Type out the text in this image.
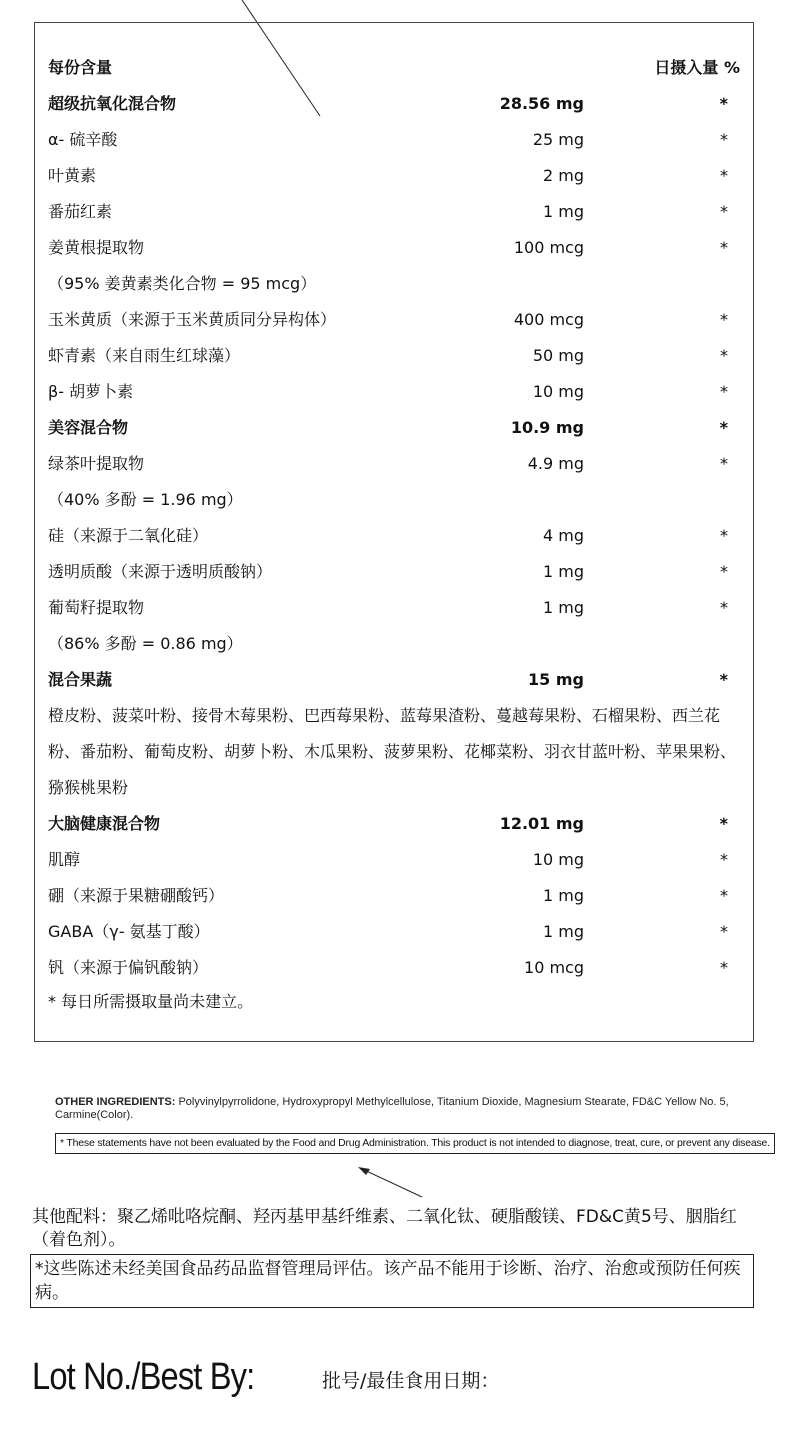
每份含量	日摄入量 %
超级抗氧化混合物	28.56 mg	*
α- 硫辛酸	25 mg	*
叶黄素	2 mg	*
番茄红素	1 mg	*
姜黄根提取物	100 mcg	*
（95% 姜黄素类化合物 = 95 mcg）
玉米黄质（来源于玉米黄质同分异构体）	400 mcg	*
虾青素（来自雨生红球藻）	50 mg	*
β- 胡萝卜素	10 mg	*
美容混合物	10.9 mg	*
绿茶叶提取物	4.9 mg	*
（40% 多酚 = 1.96 mg）
硅（来源于二氧化硅）	4 mg	*
透明质酸（来源于透明质酸钠）	1 mg	*
葡萄籽提取物	1 mg	*
（86% 多酚 = 0.86 mg）
混合果蔬	15 mg	*
橙皮粉、菠菜叶粉、接骨木莓果粉、巴西莓果粉、蓝莓果渣粉、蔓越莓果粉、石榴果粉、西兰花粉、番茄粉、葡萄皮粉、胡萝卜粉、木瓜果粉、菠萝果粉、花椰菜粉、羽衣甘蓝叶粉、苹果果粉、猕猴桃果粉
大脑健康混合物	12.01 mg	*
肌醇	10 mg	*
硼（来源于果糖硼酸钙）	1 mg	*
GABA（γ- 氨基丁酸）	1 mg	*
钒（来源于偏钒酸钠）	10 mcg	*
* 每日所需摄取量尚未建立。
OTHER INGREDIENTS: Polyvinylpyrrolidone, Hydroxypropyl Methylcellulose, Titanium Dioxide, Magnesium Stearate, FD&C Yellow No. 5, Carmine(Color).
* These statements have not been evaluated by the Food and Drug Administration. This product is not intended to diagnose, treat, cure, or prevent any disease.
其他配料：聚乙烯吡咯烷酮、羟丙基甲基纤维素、二氧化钛、硬脂酸镁、FD&C黄5号、胭脂红（着色剂）。
*这些陈述未经美国食品药品监督管理局评估。该产品不能用于诊断、治疗、治愈或预防任何疾病。
Lot No./Best By:	批号/最佳食用日期：
